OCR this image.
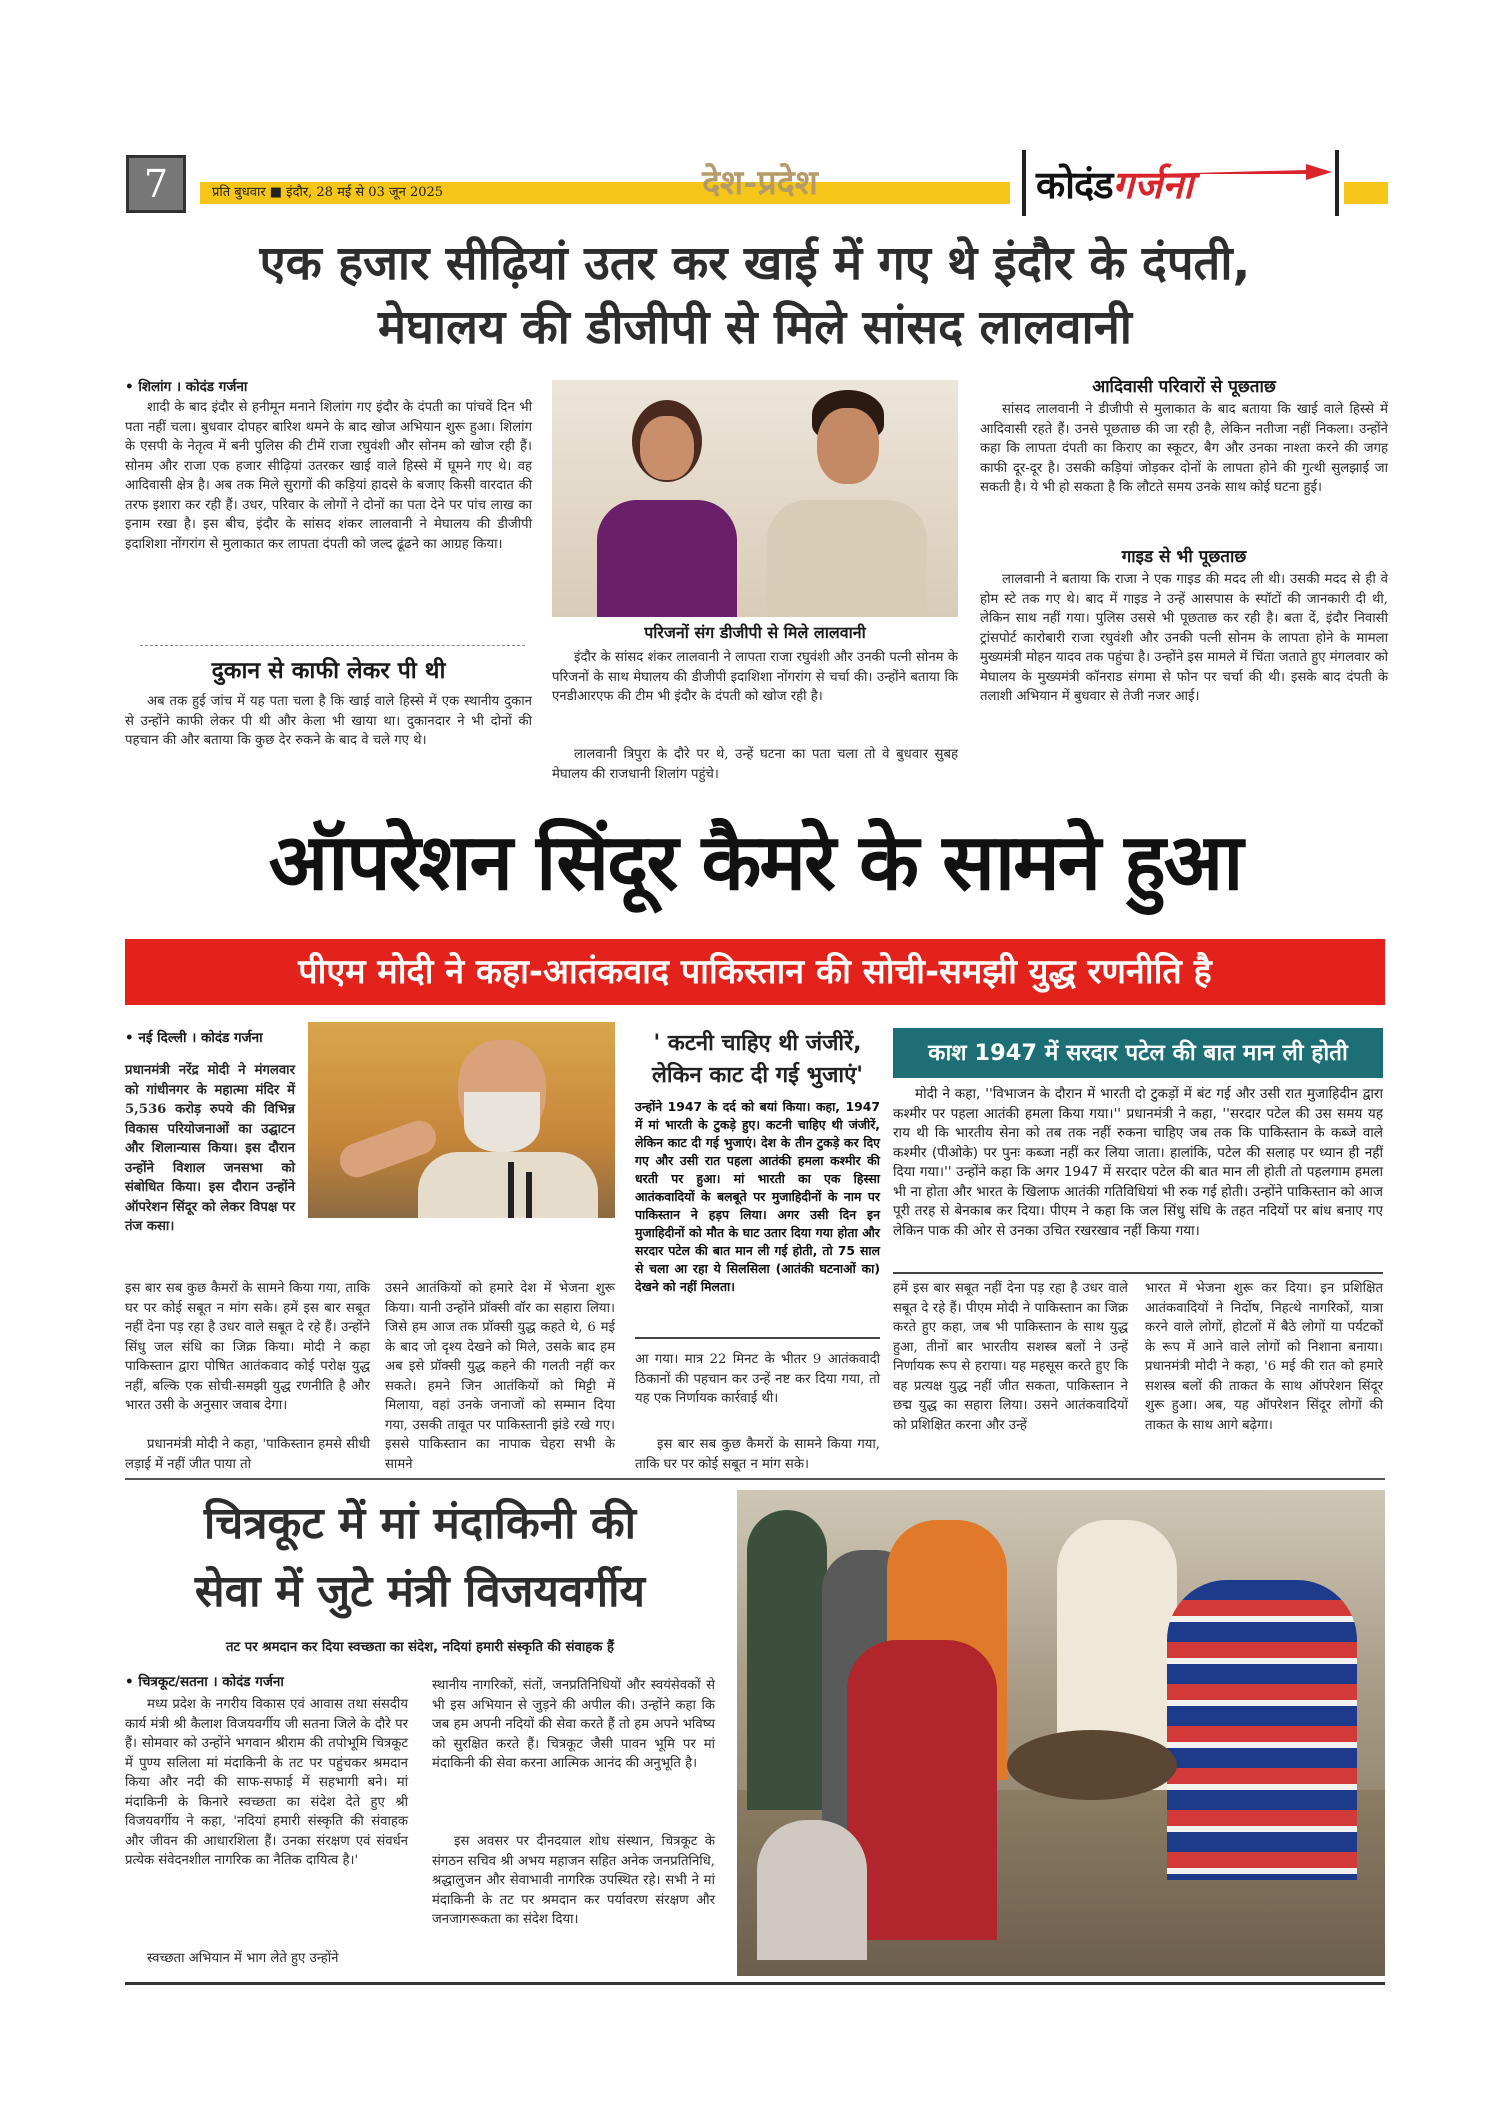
7	प्रति बुधवार ■ इंदौर, 28 मई से 03 जून 2025	देश-प्रदेश	कोदंडगर्जना
एक हजार सीढ़ियां उतर कर खाई में गए थे इंदौर के दंपती,
मेघालय की डीजीपी से मिले सांसद लालवानी
• शिलांग । कोदंड गर्जना

शादी के बाद इंदौर से हनीमून मनाने शिलांग गए इंदौर के दंपती का पांचवें दिन भी पता नहीं चला। बुधवार दोपहर बारिश थमने के बाद खोज अभियान शुरू हुआ। शिलांग के एसपी के नेतृत्व में बनी पुलिस की टीमें राजा रघुवंशी और सोनम को खोज रही हैं। सोनम और राजा एक हजार सीढ़ियां उतरकर खाई वाले हिस्से में घूमने गए थे। वह आदिवासी क्षेत्र है। अब तक मिले सुरागों की कड़ियां हादसे के बजाए किसी वारदात की तरफ इशारा कर रही हैं। उधर, परिवार के लोगों ने दोनों का पता देने पर पांच लाख का इनाम रखा है। इस बीच, इंदौर के सांसद शंकर लालवानी ने मेघालय की डीजीपी इदाशिशा नोंगरांग से मुलाकात कर लापता दंपती को जल्द ढूंढने का आग्रह किया।

दुकान से काफी लेकर पी थी

अब तक हुई जांच में यह पता चला है कि खाई वाले हिस्से में एक स्थानीय दुकान से उन्होंने काफी लेकर पी थी और केला भी खाया था। दुकानदार ने भी दोनों की पहचान की और बताया कि कुछ देर रुकने के बाद वे चले गए थे।

परिजनों संग डीजीपी से मिले लालवानी

इंदौर के सांसद शंकर लालवानी ने लापता राजा रघुवंशी और उनकी पत्नी सोनम के परिजनों के साथ मेघालय की डीजीपी इदाशिशा नोंगरांग से चर्चा की। उन्होंने बताया कि एनडीआरएफ की टीम भी इंदौर के दंपती को खोज रही है।

लालवानी त्रिपुरा के दौरे पर थे, उन्हें घटना का पता चला तो वे बुधवार सुबह मेघालय की राजधानी शिलांग पहुंचे।

आदिवासी परिवारों से पूछताछ

सांसद लालवानी ने डीजीपी से मुलाकात के बाद बताया कि खाई वाले हिस्से में आदिवासी रहते हैं। उनसे पूछताछ की जा रही है, लेकिन नतीजा नहीं निकला। उन्होंने कहा कि लापता दंपती का किराए का स्कूटर, बैग और उनका नाश्ता करने की जगह काफी दूर-दूर है। उसकी कड़ियां जोड़कर दोनों के लापता होने की गुत्थी सुलझाई जा सकती है। ये भी हो सकता है कि लौटते समय उनके साथ कोई घटना हुई।

गाइड से भी पूछताछ

लालवानी ने बताया कि राजा ने एक गाइड की मदद ली थी। उसकी मदद से ही वे होम स्टे तक गए थे। बाद में गाइड ने उन्हें आसपास के स्पॉटों की जानकारी दी थी, लेकिन साथ नहीं गया। पुलिस उससे भी पूछताछ कर रही है। बता दें, इंदौर निवासी ट्रांसपोर्ट कारोबारी राजा रघुवंशी और उनकी पत्नी सोनम के लापता होने के मामला मुख्यमंत्री मोहन यादव तक पहुंचा है। उन्होंने इस मामले में चिंता जताते हुए मंगलवार को मेघालय के मुख्यमंत्री कॉनराड संगमा से फोन पर चर्चा की थी। इसके बाद दंपती के तलाशी अभियान में बुधवार से तेजी नजर आई।

ऑपरेशन सिंदूर कैमरे के सामने हुआ
पीएम मोदी ने कहा-आतंकवाद पाकिस्तान की सोची-समझी युद्ध रणनीति है
• नई दिल्ली । कोदंड गर्जना

प्रधानमंत्री नरेंद्र मोदी ने मंगलवार को गांधीनगर के महात्मा मंदिर में 5,536 करोड़ रुपये की विभिन्न विकास परियोजनाओं का उद्घाटन और शिलान्यास किया। इस दौरान उन्होंने विशाल जनसभा को संबोधित किया। इस दौरान उन्होंने ऑपरेशन सिंदूर को लेकर विपक्ष पर तंज कसा।

इस बार सब कुछ कैमरों के सामने किया गया, ताकि घर पर कोई सबूत न मांग सके। हमें इस बार सबूत नहीं देना पड़ रहा है उधर वाले सबूत दे रहे हैं। उन्होंने सिंधु जल संधि का जिक्र किया। मोदी ने कहा पाकिस्तान द्वारा पोषित आतंकवाद कोई परोक्ष युद्ध नहीं, बल्कि एक सोची-समझी युद्ध रणनीति है और भारत उसी के अनुसार जवाब देगा।

प्रधानमंत्री मोदी ने कहा, 'पाकिस्तान हमसे सीधी लड़ाई में नहीं जीत पाया तो

उसने आतंकियों को हमारे देश में भेजना शुरू किया। यानी उन्होंने प्रॉक्सी वॉर का सहारा लिया। जिसे हम आज तक प्रॉक्सी युद्ध कहते थे, 6 मई के बाद जो दृश्य देखने को मिले, उसके बाद हम अब इसे प्रॉक्सी युद्ध कहने की गलती नहीं कर सकते। हमने जिन आतंकियों को मिट्टी में मिलाया, वहां उनके जनाजों को सम्मान दिया गया, उसकी तावूत पर पाकिस्तानी झंडे रखे गए। इससे पाकिस्तान का नापाक चेहरा सभी के सामने

' कटनी चाहिए थी जंजीरें,
लेकिन काट दी गई भुजाएं'

उन्होंने 1947 के दर्द को बयां किया। कहा, 1947 में मां भारती के टुकड़े हुए। कटनी चाहिए थी जंजीरें, लेकिन काट दी गई भुजाएं। देश के तीन टुकड़े कर दिए गए और उसी रात पहला आतंकी हमला कश्मीर की धरती पर हुआ। मां भारती का एक हिस्सा आतंकवादियों के बलबूते पर मुजाहिदीनों के नाम पर पाकिस्तान ने हड़प लिया। अगर उसी दिन इन मुजाहिदीनों को मौत के घाट उतार दिया गया होता और सरदार पटेल की बात मान ली गई होती, तो 75 साल से चला आ रहा ये सिलसिला (आतंकी घटनाओं का) देखने को नहीं मिलता।

आ गया। मात्र 22 मिनट के भीतर 9 आतंकवादी ठिकानों की पहचान कर उन्हें नष्ट कर दिया गया, तो यह एक निर्णायक कार्रवाई थी।

इस बार सब कुछ कैमरों के सामने किया गया, ताकि घर पर कोई सबूत न मांग सके।

काश 1947 में सरदार पटेल की बात मान ली होती

मोदी ने कहा, ''विभाजन के दौरान में भारती दो टुकड़ों में बंट गई और उसी रात मुजाहिदीन द्वारा कश्मीर पर पहला आतंकी हमला किया गया।'' प्रधानमंत्री ने कहा, ''सरदार पटेल की उस समय यह राय थी कि भारतीय सेना को तब तक नहीं रुकना चाहिए जब तक कि पाकिस्तान के कब्जे वाले कश्मीर (पीओके) पर पुनः कब्जा नहीं कर लिया जाता। हालांकि, पटेल की सलाह पर ध्यान ही नहीं दिया गया।'' उन्होंने कहा कि अगर 1947 में सरदार पटेल की बात मान ली होती तो पहलगाम हमला भी ना होता और भारत के खिलाफ आतंकी गतिविधियां भी रुक गई होती। उन्होंने पाकिस्तान को आज पूरी तरह से बेनकाब कर दिया। पीएम ने कहा कि जल सिंधु संधि के तहत नदियों पर बांध बनाए गए लेकिन पाक की ओर से उनका उचित रखरखाव नहीं किया गया।

हमें इस बार सबूत नहीं देना पड़ रहा है उधर वाले सबूत दे रहे हैं। पीएम मोदी ने पाकिस्तान का जिक्र करते हुए कहा, जब भी पाकिस्तान के साथ युद्ध हुआ, तीनों बार भारतीय सशस्त्र बलों ने उन्हें निर्णायक रूप से हराया। यह महसूस करते हुए कि वह प्रत्यक्ष युद्ध नहीं जीत सकता, पाकिस्तान ने छद्म युद्ध का सहारा लिया। उसने आतंकवादियों को प्रशिक्षित करना और उन्हें

भारत में भेजना शुरू कर दिया। इन प्रशिक्षित आतंकवादियों ने निर्दोष, निहत्थे नागरिकों, यात्रा करने वाले लोगों, होटलों में बैठे लोगों या पर्यटकों के रूप में आने वाले लोगों को निशाना बनाया। प्रधानमंत्री मोदी ने कहा, '6 मई की रात को हमारे सशस्त्र बलों की ताकत के साथ ऑपरेशन सिंदूर शुरू हुआ। अब, यह ऑपरेशन सिंदूर लोगों की ताकत के साथ आगे बढ़ेगा।

चित्रकूट में मां मंदाकिनी की
सेवा में जुटे मंत्री विजयवर्गीय
तट पर श्रमदान कर दिया स्वच्छता का संदेश, नदियां हमारी संस्कृति की संवाहक हैं
• चित्रकूट/सतना । कोदंड गर्जना

मध्य प्रदेश के नगरीय विकास एवं आवास तथा संसदीय कार्य मंत्री श्री कैलाश विजयवर्गीय जी सतना जिले के दौरे पर हैं। सोमवार को उन्होंने भगवान श्रीराम की तपोभूमि चित्रकूट में पुण्य सलिला मां मंदाकिनी के तट पर पहुंचकर श्रमदान किया और नदी की साफ-सफाई में सहभागी बने। मां मंदाकिनी के किनारे स्वच्छता का संदेश देते हुए श्री विजयवर्गीय ने कहा, 'नदियां हमारी संस्कृति की संवाहक और जीवन की आधारशिला हैं। उनका संरक्षण एवं संवर्धन प्रत्येक संवेदनशील नागरिक का नैतिक दायित्व है।'

स्वच्छता अभियान में भाग लेते हुए उन्होंने

स्थानीय नागरिकों, संतों, जनप्रतिनिधियों और स्वयंसेवकों से भी इस अभियान से जुड़ने की अपील की। उन्होंने कहा कि जब हम अपनी नदियों की सेवा करते हैं तो हम अपने भविष्य को सुरक्षित करते हैं। चित्रकूट जैसी पावन भूमि पर मां मंदाकिनी की सेवा करना आत्मिक आनंद की अनुभूति है।

इस अवसर पर दीनदयाल शोध संस्थान, चित्रकूट के संगठन सचिव श्री अभय महाजन सहित अनेक जनप्रतिनिधि, श्रद्धालुजन और सेवाभावी नागरिक उपस्थित रहे। सभी ने मां मंदाकिनी के तट पर श्रमदान कर पर्यावरण संरक्षण और जनजागरूकता का संदेश दिया।
